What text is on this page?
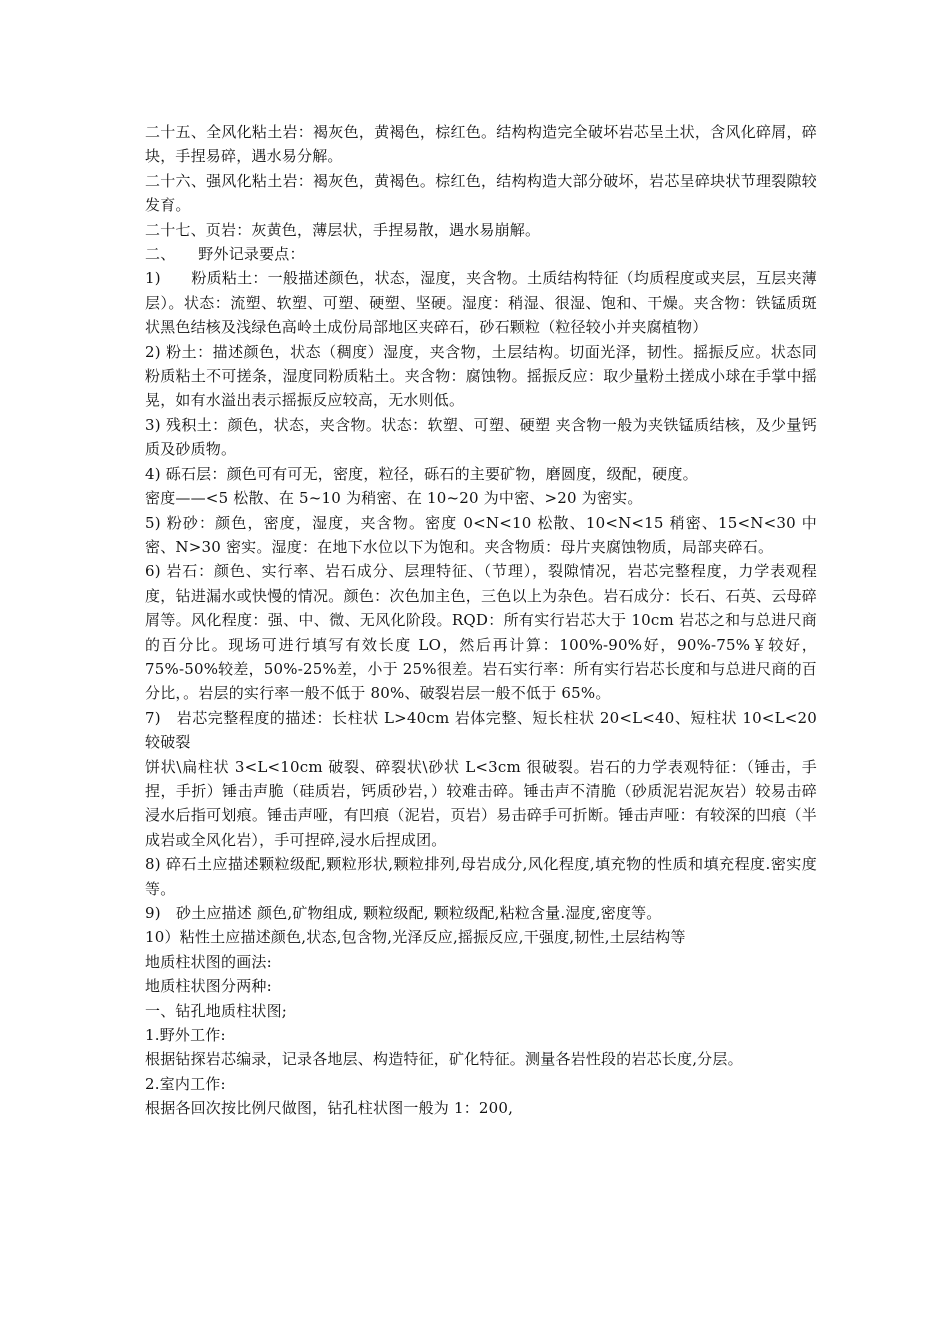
二十五、全风化粘土岩：褐灰色，黄褐色，棕红色。结构构造完全破坏岩芯呈土状，含风化碎屑，碎块，手捏易碎，遇水易分解。

二十六、强风化粘土岩：褐灰色，黄褐色。棕红色，结构构造大部分破坏，岩芯呈碎块状节理裂隙较发育。

二十七、页岩：灰黄色，薄层状，手捏易散，遇水易崩解。

二、　　野外记录要点：

1)　　粉质粘土：一般描述颜色，状态，湿度，夹含物。土质结构特征（均质程度或夹层，互层夹薄层）。状态：流塑、软塑、可塑、硬塑、坚硬。湿度：稍湿、很湿、饱和、干燥。夹含物：铁锰质斑状黑色结核及浅绿色高岭土成份局部地区夹碎石，砂石颗粒（粒径较小并夹腐植物）

2) 粉土：描述颜色，状态（稠度）湿度，夹含物，土层结构。切面光泽，韧性。摇振反应。状态同粉质粘土不可搓条，湿度同粉质粘土。夹含物：腐蚀物。摇振反应：取少量粉土搓成小球在手掌中摇晃，如有水溢出表示摇振反应较高，无水则低。

3) 残积土：颜色，状态，夹含物。状态：软塑、可塑、硬塑 夹含物一般为夹铁锰质结核，及少量钙质及砂质物。

4) 砾石层：颜色可有可无，密度，粒径，砾石的主要矿物，磨圆度，级配，硬度。

密度——<5 松散、在 5~10 为稍密、在 10~20 为中密、>20 为密实。

5) 粉砂：颜色，密度，湿度，夹含物。密度 0<N<10 松散、10<N<15 稍密、15<N<30 中密、N>30 密实。湿度：在地下水位以下为饱和。夹含物质：母片夹腐蚀物质，局部夹碎石。

6) 岩石：颜色、实行率、岩石成分、层理特征、（节理），裂隙情况，岩芯完整程度，力学表观程度，钻进漏水或快慢的情况。颜色：次色加主色，三色以上为杂色。岩石成分：长石、石英、云母碎屑等。风化程度：强、中、微、无风化阶段。RQD：所有实行岩芯大于 10cm 岩芯之和与总进尺商的百分比。现场可进行填写有效长度 LO，然后再计算：100%-90%好，90%-75%￥较好，75%-50%较差，50%-25%差，小于 25%很差。岩石实行率：所有实行岩芯长度和与总进尺商的百分比，。岩层的实行率一般不低于 80%、破裂岩层一般不低于 65%。

7)　岩芯完整程度的描述：长柱状 L>40cm 岩体完整、短长柱状 20<L<40、短柱状 10<L<20 较破裂

饼状\扁柱状 3<L<10cm 破裂、碎裂状\砂状 L<3cm 很破裂。岩石的力学表观特征：（锤击，手捏，手折）锤击声脆（硅质岩，钙质砂岩，）较难击碎。锤击声不清脆（砂质泥岩泥灰岩）较易击碎浸水后指可划痕。锤击声哑，有凹痕（泥岩，页岩）易击碎手可折断。锤击声哑：有较深的凹痕（半成岩或全风化岩），手可捏碎,浸水后捏成团。

8) 碎石土应描述颗粒级配,颗粒形状,颗粒排列,母岩成分,风化程度,填充物的性质和填充程度.密实度等。

9)　砂土应描述 颜色,矿物组成, 颗粒级配, 颗粒级配,粘粒含量.湿度,密度等。

10）粘性土应描述颜色,状态,包含物,光泽反应,摇振反应,干强度,韧性,土层结构等

地质柱状图的画法:

地质柱状图分两种:

一、钻孔地质柱状图;

1.野外工作:

根据钻探岩芯编录，记录各地层、构造特征，矿化特征。测量各岩性段的岩芯长度,分层。

2.室内工作:

根据各回次按比例尺做图，钻孔柱状图一般为 1：200,
